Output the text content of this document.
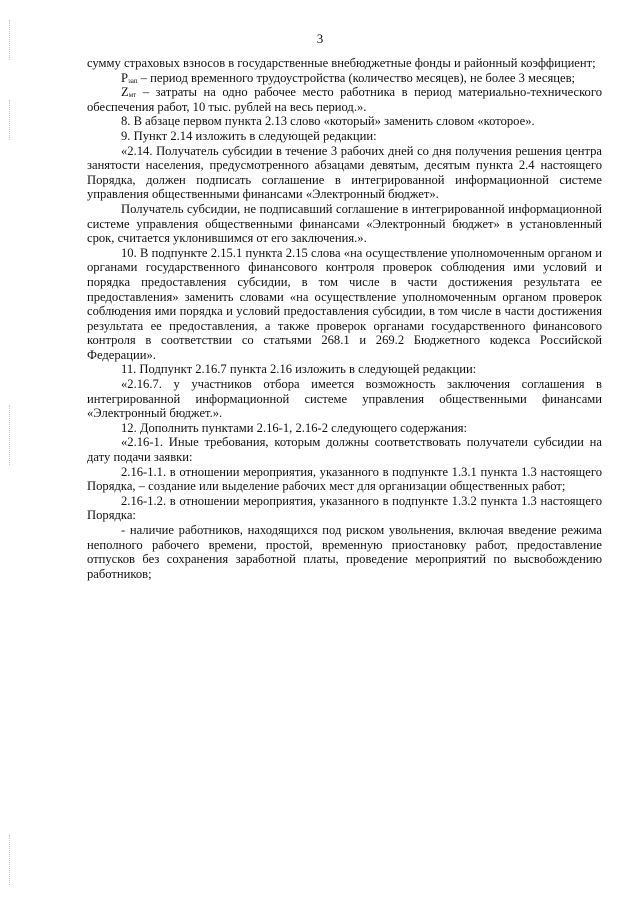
3

сумму страховых взносов в государственные внебюджетные фонды и районный коэффициент;

$P_{зап}$ – период временного трудоустройства (количество месяцев), не более 3 месяцев;

$Z_{мт}$ – затраты на одно рабочее место работника в период материально-технического обеспечения работ, 10 тыс. рублей на весь период.».

8. В абзаце первом пункта 2.13 слово «который» заменить словом «которое».

9. Пункт 2.14 изложить в следующей редакции:

«2.14. Получатель субсидии в течение 3 рабочих дней со дня получения решения центра занятости населения, предусмотренного абзацами девятым, десятым пункта 2.4 настоящего Порядка, должен подписать соглашение в интегрированной информационной системе управления общественными финансами «Электронный бюджет».

Получатель субсидии, не подписавший соглашение в интегрированной информационной системе управления общественными финансами «Электронный бюджет» в установленный срок, считается уклонившимся от его заключения.».

10. В подпункте 2.15.1 пункта 2.15 слова «на осуществление уполномоченным органом и органами государственного финансового контроля проверок соблюдения ими условий и порядка предоставления субсидии, в том числе в части достижения результата ее предоставления» заменить словами «на осуществление уполномоченным органом проверок соблюдения ими порядка и условий предоставления субсидии, в том числе в части достижения результата ее предоставления, а также проверок органами государственного финансового контроля в соответствии со статьями 268.1 и 269.2 Бюджетного кодекса Российской Федерации».

11. Подпункт 2.16.7 пункта 2.16 изложить в следующей редакции:

«2.16.7. у участников отбора имеется возможность заключения соглашения в интегрированной информационной системе управления общественными финансами «Электронный бюджет.».

12. Дополнить пунктами 2.16-1, 2.16-2 следующего содержания:

«2.16-1. Иные требования, которым должны соответствовать получатели субсидии на дату подачи заявки:

2.16-1.1. в отношении мероприятия, указанного в подпункте 1.3.1 пункта 1.3 настоящего Порядка, – создание или выделение рабочих мест для организации общественных работ;

2.16-1.2. в отношении мероприятия, указанного в подпункте 1.3.2 пункта 1.3 настоящего Порядка:

- наличие работников, находящихся под риском увольнения, включая введение режима неполного рабочего времени, простой, временную приостановку работ, предоставление отпусков без сохранения заработной платы, проведение мероприятий по высвобождению работников;
